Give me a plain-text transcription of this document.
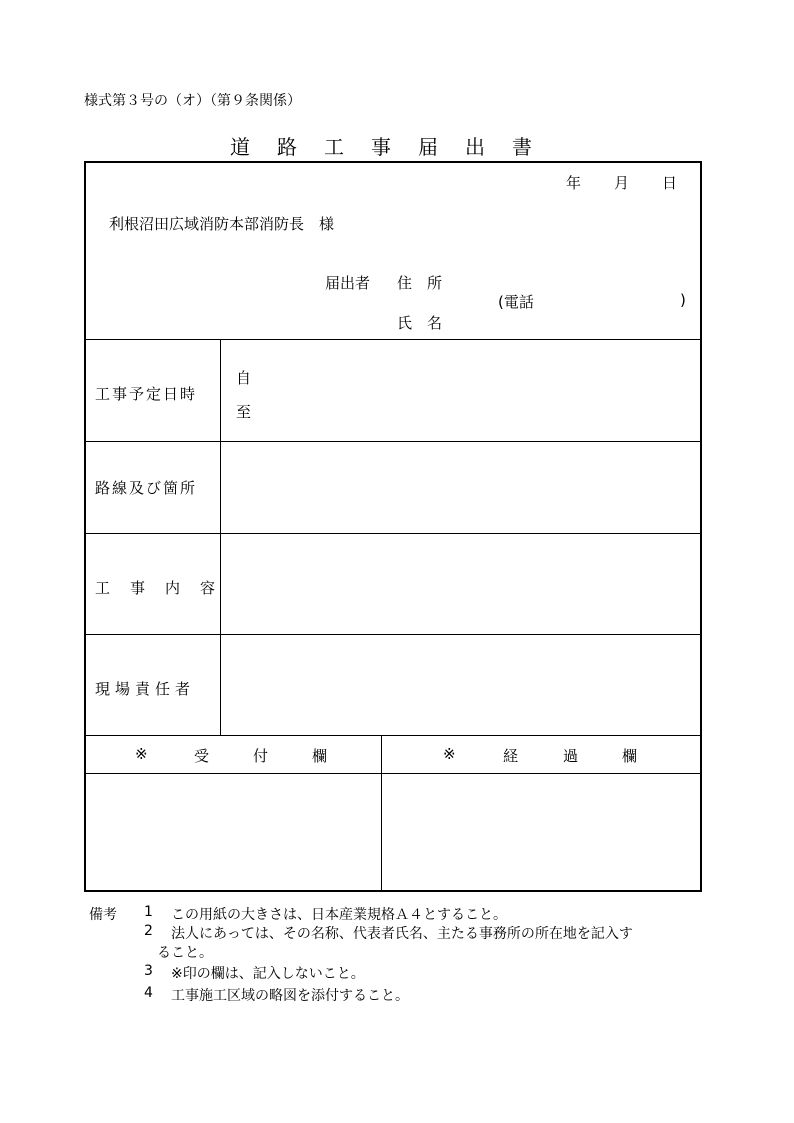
様式第３号の（オ）（第９条関係）
道 路 工 事 届 出 書
年 月 日
利根沼田広域消防本部消防長　様
届出者 住　所
(電話	)
氏　名
工事予定日時
自
至
路線及び箇所
工事内容
現場責任者
※	受	付	欄	※	経	過	欄
備考 1 この用紙の大きさは、日本産業規格Ａ４とすること。
2 法人にあっては、その名称、代表者氏名、主たる事務所の所在地を記入す
ること。
3 ※印の欄は、記入しないこと。
4 工事施工区域の略図を添付すること。
